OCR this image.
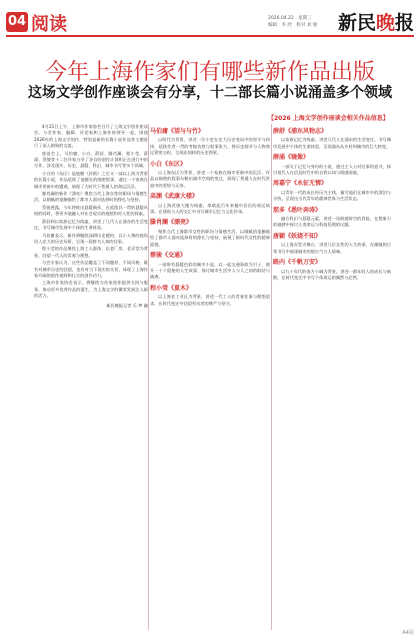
04 阅读	2026.04.22　星期三
编辑　李 欣　校对 刘 俊 新民晚报
今年上海作家们有哪些新作品出版
这场文学创作座谈会有分享，十二部长篇小说涌盖多个领域
【2026 上海文学创作座谈会相关作品信息】

4月21日上午，上海市作家协会召开了上海文学创作座谈会。与会作家、编辑、评论家和上海作协领导一起，围绕2026年的上海文学创作，特别是新的长篇小说作品等主题进行了深入细致的交流。

座谈会上，马伯庸、小白、薛舒、滕肖澜、程小莹、薛涌、蔡骏等十二位作家分享了各自的创作计划和正在进行中的写作，涉及现实、历史、悬疑、科幻、城市书写等多个领域。

小白的《东区》是他继《封锁》之后又一部以上海为背景的长篇小说，作品延续了他擅长的细密叙事，通过一个家族在城市更新中的遭遇，展现了大时代下普通人的命运沉浮。

滕肖澜的新作《漂亮》聚焦当代上海女性的职场与情感生活，以细腻的笔触描绘了都市人面对选择时的挣扎与坚持。

蔡骏透露，今年将推出悬疑新作，在延续其一贯的悬疑风格的同时，将更多地融入对社会现实的观照和对人性的探索。

薛舒则以家族记忆为线索，讲述了几代人在浦东的生活变迁，书写城市发展中个体的生命体验。

马伯庸表示，新作将继续深耕历史题材，以小人物的视角切入宏大的历史场景，呈现一段鲜为人知的往事。

程小莹的作品聚焦上海工人群体，以老厂房、老弄堂为背景，回望一代人的青春与理想。

与会专家认为，这些作品覆盖了不同题材、不同风格，既有对城市历史的回望，也有对当下现实的关切，体现了上海作家开阔的创作视野和扎实的创作功力。

上海市作家协会表示，将继续为作家创作提供支持与服务，推动更多优秀作品的诞生，为上海文学的繁荣发展注入新的活力。

新民晚报记者 乐 梦 融
马伯庸《望与与竹》

以明代为背景，讲述一位小吏在宏大历史变局中的坚守与抉择，延续作者一贯的考据功底与叙事张力，将历史细节与人物命运紧密交织，呈现出别样的历史图景。

小白《东区》

以上海东区为背景，讲述一个家族在城市更新中的沉浮。作品以细密的叙事勾勒出城市空间的变迁，展现了普通人在时代洪流中的坚韧与无奈。

高渊《武康大楼》

以上海武康大楼为线索，串联起百年来楼中居民的命运故事，在建筑与人的交汇中书写城市记忆与文化传承。

滕肖澜《漂亮》

聚焦当代上海都市女性的职场与情感生活，以细腻的笔触描绘了都市人面对选择时的挣扎与坚持，展现了新时代女性的精神面貌。

蔡骏《交通》

一部带有悬疑色彩的城市小说，以一起交通事故为引子，揭开一个个隐秘的人生故事，探讨城市生活中人与人之间的联结与疏离。

程小莹《夏木》

以上海老工业区为背景，讲述一代工人的青春往事与理想追求，在时代变迁中回望劳动者的尊严与坚守。

薛舒《浦东风物志》

以家族记忆为线索，讲述几代人在浦东的生活变迁，书写城市发展中个体的生命体验，呈现浦东从乡村到城市的巨大转变。

薛涌《镜像》

一部关于记忆与身份的小说，通过主人公对往事的追寻，探讨现代人在信息时代中的自我认知与情感困境。

周嘉宁《永征无情》

以青年一代的成长经历为主线，描写他们在城市中的漂泊与寻找，呈现出当代青年的精神世界与生活状态。

那多《悉叶奔涛》

融合科幻与悬疑元素，讲述一场跨越时空的冒险，在想象力的驰骋中探讨人类命运与科技伦理的议题。

唐颖《妖娆不知》

以上海弄堂为舞台，讲述几位女性的人生故事，在细腻的日常书写中展现城市的烟火气与人情味。

路内《千帆万安》

以九十年代的南方小城为背景，讲述一群年轻人的成长与离散，在时代变迁中书写个体命运的偶然与必然。

A4版
